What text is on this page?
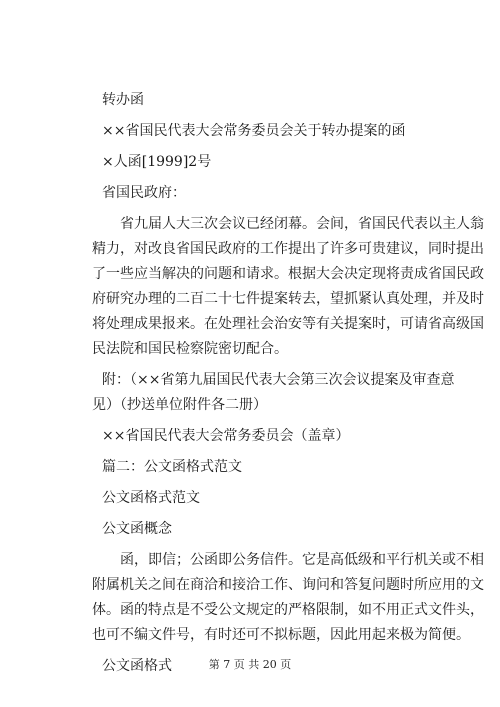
转办函

××省国民代表大会常务委员会关于转办提案的函

×人函[1999]2号

省国民政府：

省九届人大三次会议已经闭幕。会间，省国民代表以主人翁

精力，对改良省国民政府的工作提出了许多可贵建议，同时提出

了一些应当解决的问题和请求。根据大会决定现将责成省国民政

府研究办理的二百二十七件提案转去，望抓紧认真处理，并及时

将处理成果报来。在处理社会治安等有关提案时，可请省高级国

民法院和国民检察院密切配合。

附：（××省第九届国民代表大会第三次会议提案及审查意

见）（抄送单位附件各二册）

××省国民代表大会常务委员会（盖章）

篇二：公文函格式范文

公文函格式范文

公文函概念

函，即信；公函即公务信件。它是高低级和平行机关或不相

附属机关之间在商洽和接洽工作、询问和答复问题时所应用的文

体。函的特点是不受公文规定的严格限制，如不用正式文件头，

也可不编文件号，有时还可不拟标题，因此用起来极为简便。

公文函格式	第 7 页 共 20 页
